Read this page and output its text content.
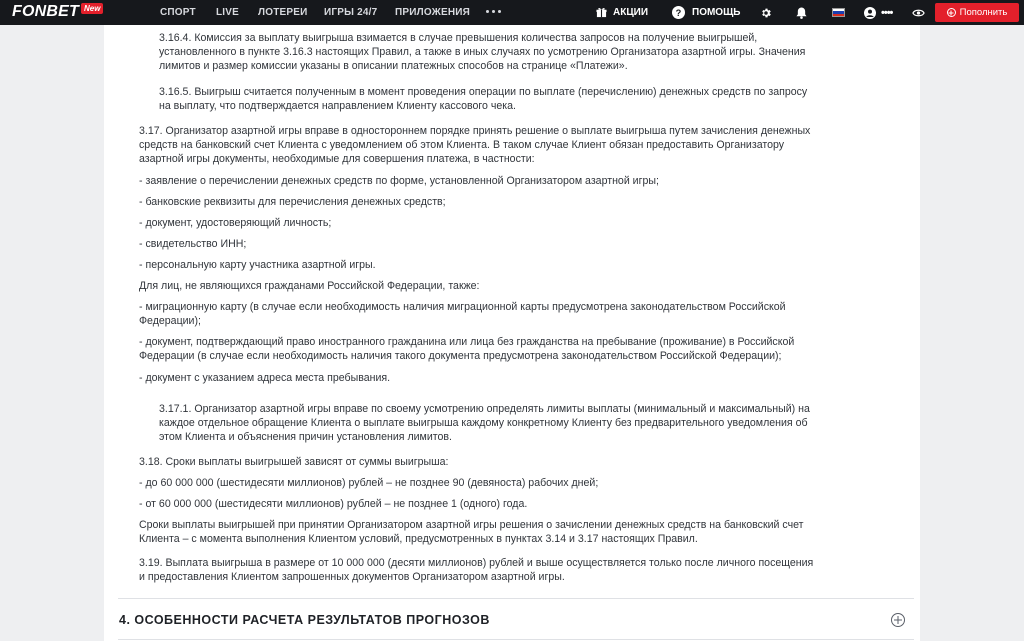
FONBET New	СПОРТ LIVE ЛОТЕРЕИ ИГРЫ 24/7 ПРИЛОЖЕНИЯ	АКЦИИ	? ПОМОЩЬ	••••	Пополнить
3.16.4. Комиссия за выплату выигрыша взимается в случае превышения количества запросов на получение выигрышей,
установленного в пункте 3.16.3 настоящих Правил, а также в иных случаях по усмотрению Организатора азартной игры. Значения
лимитов и размер комиссии указаны в описании платежных способов на странице «Платежи».
3.16.5. Выигрыш считается полученным в момент проведения операции по выплате (перечислению) денежных средств по запросу
на выплату, что подтверждается направлением Клиенту кассового чека.
3.17. Организатор азартной игры вправе в одностороннем порядке принять решение о выплате выигрыша путем зачисления денежных
средств на банковский счет Клиента с уведомлением об этом Клиента. В таком случае Клиент обязан предоставить Организатору
азартной игры документы, необходимые для совершения платежа, в частности:
- заявление о перечислении денежных средств по форме, установленной Организатором азартной игры;
- банковские реквизиты для перечисления денежных средств;
- документ, удостоверяющий личность;
- свидетельство ИНН;
- персональную карту участника азартной игры.
Для лиц, не являющихся гражданами Российской Федерации, также:
- миграционную карту (в случае если необходимость наличия миграционной карты предусмотрена законодательством Российской
Федерации);
- документ, подтверждающий право иностранного гражданина или лица без гражданства на пребывание (проживание) в Российской
Федерации (в случае если необходимость наличия такого документа предусмотрена законодательством Российской Федерации);
- документ с указанием адреса места пребывания.
3.17.1. Организатор азартной игры вправе по своему усмотрению определять лимиты выплаты (минимальный и максимальный) на
каждое отдельное обращение Клиента о выплате выигрыша каждому конкретному Клиенту без предварительного уведомления об
этом Клиента и объяснения причин установления лимитов.
3.18. Сроки выплаты выигрышей зависят от суммы выигрыша:
- до 60 000 000 (шестидесяти миллионов) рублей – не позднее 90 (девяноста) рабочих дней;
- от 60 000 000 (шестидесяти миллионов) рублей – не позднее 1 (одного) года.
Сроки выплаты выигрышей при принятии Организатором азартной игры решения о зачислении денежных средств на банковский счет
Клиента – с момента выполнения Клиентом условий, предусмотренных в пунктах 3.14 и 3.17 настоящих Правил.
3.19. Выплата выигрыша в размере от 10 000 000 (десяти миллионов) рублей и выше осуществляется только после личного посещения
и предоставления Клиентом запрошенных документов Организатором азартной игры.
4. ОСОБЕННОСТИ РАСЧЕТА РЕЗУЛЬТАТОВ ПРОГНОЗОВ
